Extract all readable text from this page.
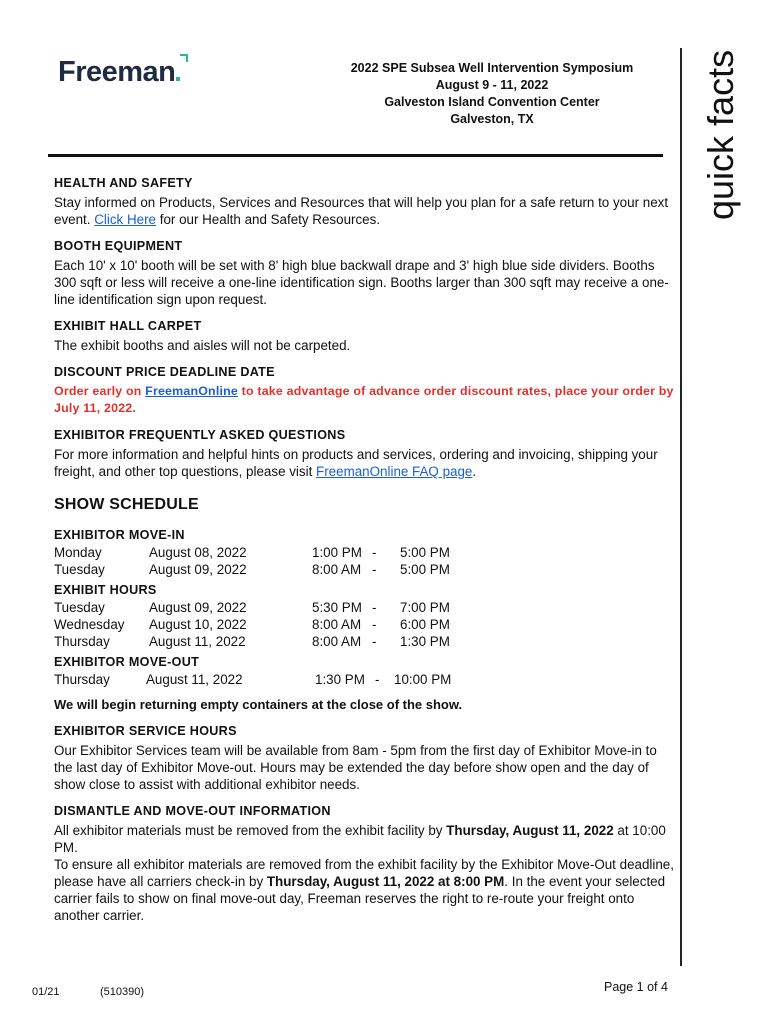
Freeman	2022 SPE Subsea Well Intervention Symposium
August 9 - 11, 2022
Galveston Island Convention Center
Galveston, TX	quick facts
HEALTH AND SAFETY

Stay informed on Products, Services and Resources that will help you plan for a safe return to your next event. Click Here for our Health and Safety Resources.

BOOTH EQUIPMENT

Each 10' x 10' booth will be set with 8' high blue backwall drape and 3' high blue side dividers. Booths 300 sqft or less will receive a one-line identification sign. Booths larger than 300 sqft may receive a one-line identification sign upon request.

EXHIBIT HALL CARPET

The exhibit booths and aisles will not be carpeted.

DISCOUNT PRICE DEADLINE DATE

Order early on FreemanOnline to take advantage of advance order discount rates, place your order by July 11, 2022.

EXHIBITOR FREQUENTLY ASKED QUESTIONS

For more information and helpful hints on products and services, ordering and invoicing, shipping your freight, and other top questions, please visit FreemanOnline FAQ page.

SHOW SCHEDULE
EXHIBITOR MOVE-IN
Monday	August 08, 2022	1:00 PM - 5:00 PM
Tuesday	August 09, 2022	8:00 AM - 5:00 PM
EXHIBIT HOURS
Tuesday	August 09, 2022	5:30 PM - 7:00 PM
Wednesday August 10, 2022	8:00 AM - 6:00 PM
Thursday	August 11, 2022	8:00 AM - 1:30 PM
EXHIBITOR MOVE-OUT
Thursday	August 11, 2022	1:30 PM - 10:00 PM
We will begin returning empty containers at the close of the show.
EXHIBITOR SERVICE HOURS

Our Exhibitor Services team will be available from 8am - 5pm from the first day of Exhibitor Move-in to the last day of Exhibitor Move-out. Hours may be extended the day before show open and the day of show close to assist with additional exhibitor needs.

DISMANTLE AND MOVE-OUT INFORMATION

All exhibitor materials must be removed from the exhibit facility by Thursday, August 11, 2022 at 10:00 PM.

To ensure all exhibitor materials are removed from the exhibit facility by the Exhibitor Move-Out deadline, please have all carriers check-in by Thursday, August 11, 2022 at 8:00 PM. In the event your selected carrier fails to show on final move-out day, Freeman reserves the right to re-route your freight onto another carrier.

01/21	(510390)	Page 1 of 4
